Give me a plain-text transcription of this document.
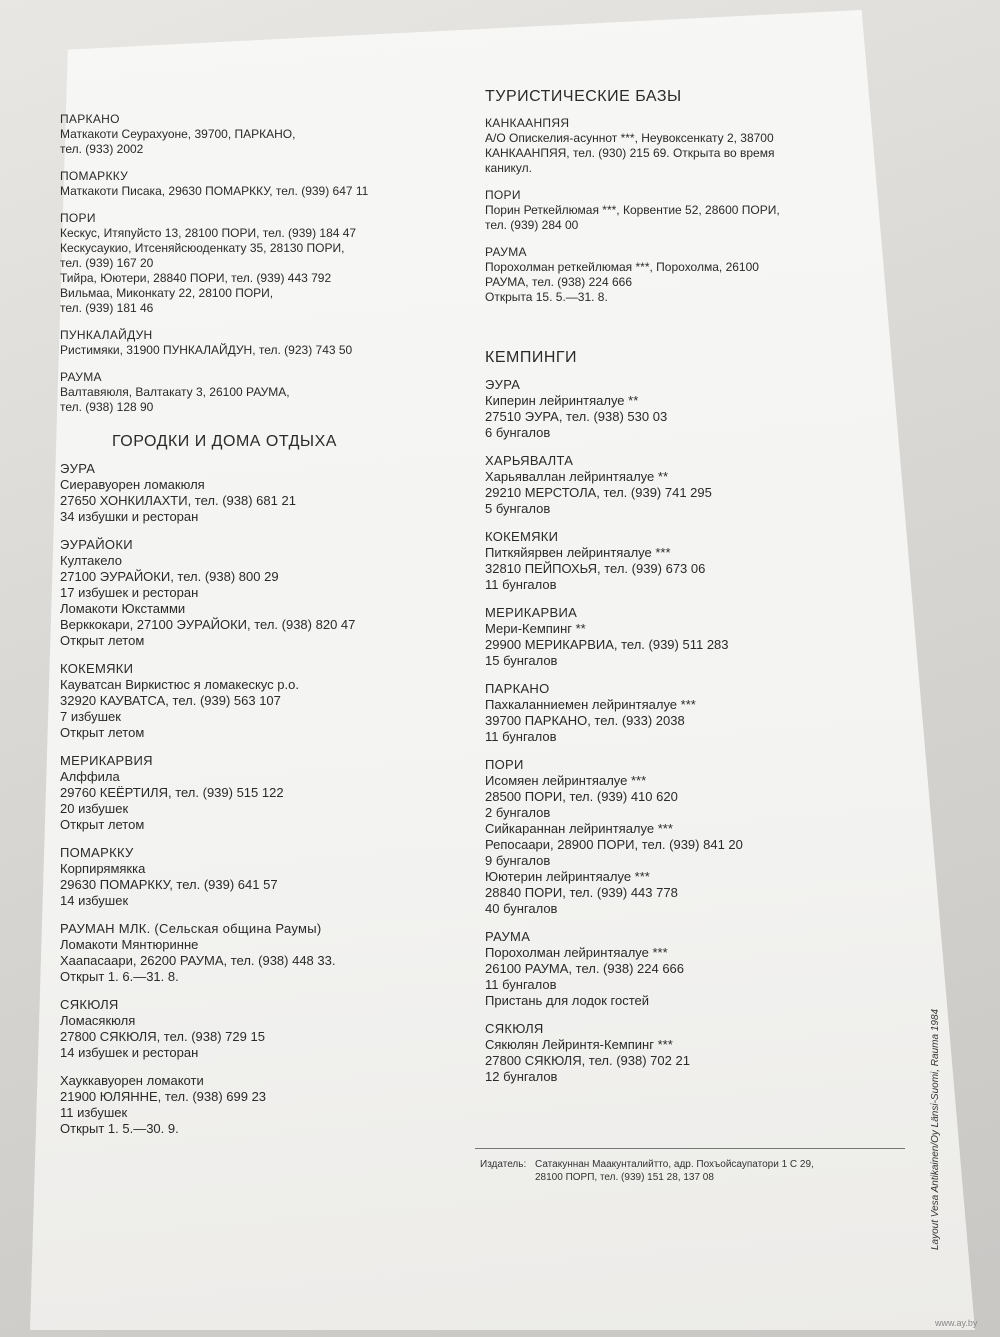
ПАРКАНО
Маткакоти Сеурахуоне, 39700, ПАРКАНО,
тел. (933) 2002
ПОМАРККУ
Маткакоти Писака, 29630 ПОМАРККУ, тел. (939) 647 11
ПОРИ
Кескус, Итяпуйсто 13, 28100 ПОРИ, тел. (939) 184 47
Кескусаукио, Итсеняйсюоденкату 35, 28130 ПОРИ,
тел. (939) 167 20
Тийра, Юютери, 28840 ПОРИ, тел. (939) 443 792
Вильмаа, Миконкату 22, 28100 ПОРИ,
тел. (939) 181 46
ПУНКАЛАЙДУН
Ристимяки, 31900 ПУНКАЛАЙДУН, тел. (923) 743 50
РАУМА
Валтавяюля, Валтакату 3, 26100 РАУМА,
тел. (938) 128 90
ГОРОДКИ И ДОМА ОТДЫХА
ЭУРА
Сиеравуорен ломакюля
27650 ХОНКИЛАХТИ, тел. (938) 681 21
34 избушки и ресторан
ЭУРАЙОКИ
Култакело
27100 ЭУРАЙОКИ, тел. (938) 800 29
17 избушек и ресторан
Ломакоти Юкстамми
Верккокари, 27100 ЭУРАЙОКИ, тел. (938) 820 47
Открыт летом
КОКЕМЯКИ
Кауватсан Виркистюс я ломакескус р.о.
32920 КАУВАТСА, тел. (939) 563 107
7 избушек
Открыт летом
МЕРИКАРВИЯ
Алффила
29760 КЕЁРТИЛЯ, тел. (939) 515 122
20 избушек
Открыт летом
ПОМАРККУ
Корпирямякка
29630 ПОМАРККУ, тел. (939) 641 57
14 избушек
РАУМАН МЛК. (Сельская община Раумы)
Ломакоти Мянтюринне
Хаапасаари, 26200 РАУМА, тел. (938) 448 33.
Открыт 1. 6.—31. 8.
СЯКЮЛЯ
Ломасякюля
27800 СЯКЮЛЯ, тел. (938) 729 15
14 избушек и ресторан
Хауккавуорен ломакоти
21900 ЮЛЯННЕ, тел. (938) 699 23
11 избушек
Открыт 1. 5.—30. 9.
ТУРИСТИЧЕСКИЕ БАЗЫ
КАНКААНПЯЯ
А/О Опискелия-асуннот ***, Неувоксенкату 2, 38700
КАНКААНПЯЯ, тел. (930) 215 69. Открыта во время
каникул.
ПОРИ
Порин Реткейлюмая ***, Корвентие 52, 28600 ПОРИ,
тел. (939) 284 00
РАУМА
Порохолман реткейлюмая ***, Порохолма, 26100
РАУМА, тел. (938) 224 666
Открыта 15. 5.—31. 8.
КЕМПИНГИ
ЭУРА
Киперин лейринтяалуе **
27510 ЭУРА, тел. (938) 530 03
6 бунгалов
ХАРЬЯВАЛТА
Харьяваллан лейринтяалуе **
29210 МЕРСТОЛА, тел. (939) 741 295
5 бунгалов
КОКЕМЯКИ
Питкяйярвен лейринтяалуе ***
32810 ПЕЙПОХЬЯ, тел. (939) 673 06
11 бунгалов
МЕРИКАРВИА
Мери-Кемпинг **
29900 МЕРИКАРВИА, тел. (939) 511 283
15 бунгалов
ПАРКАНО
Пахкаланниемен лейринтяалуе ***
39700 ПАРКАНО, тел. (933) 2038
11 бунгалов
ПОРИ
Исомяен лейринтяалуе ***
28500 ПОРИ, тел. (939) 410 620
2 бунгалов
Сийкараннан лейринтяалуе ***
Репосаари, 28900 ПОРИ, тел. (939) 841 20
9 бунгалов
Юютерин лейринтяалуе ***
28840 ПОРИ, тел. (939) 443 778
40 бунгалов
РАУМА
Порохолман лейринтяалуе ***
26100 РАУМА, тел. (938) 224 666
11 бунгалов
Пристань для лодок гостей
СЯКЮЛЯ
Сякюлян Лейринтя-Кемпинг ***
27800 СЯКЮЛЯ, тел. (938) 702 21
12 бунгалов
Издатель: Сатакуннан Маакунталийтто, адр. Похъойсаупатори 1 С 29,
28100 ПОРП, тел. (939) 151 28, 137 08	Layout Vesa Antikainen/Oy Länsi-Suomi, Rauma 1984
www.ay.by
